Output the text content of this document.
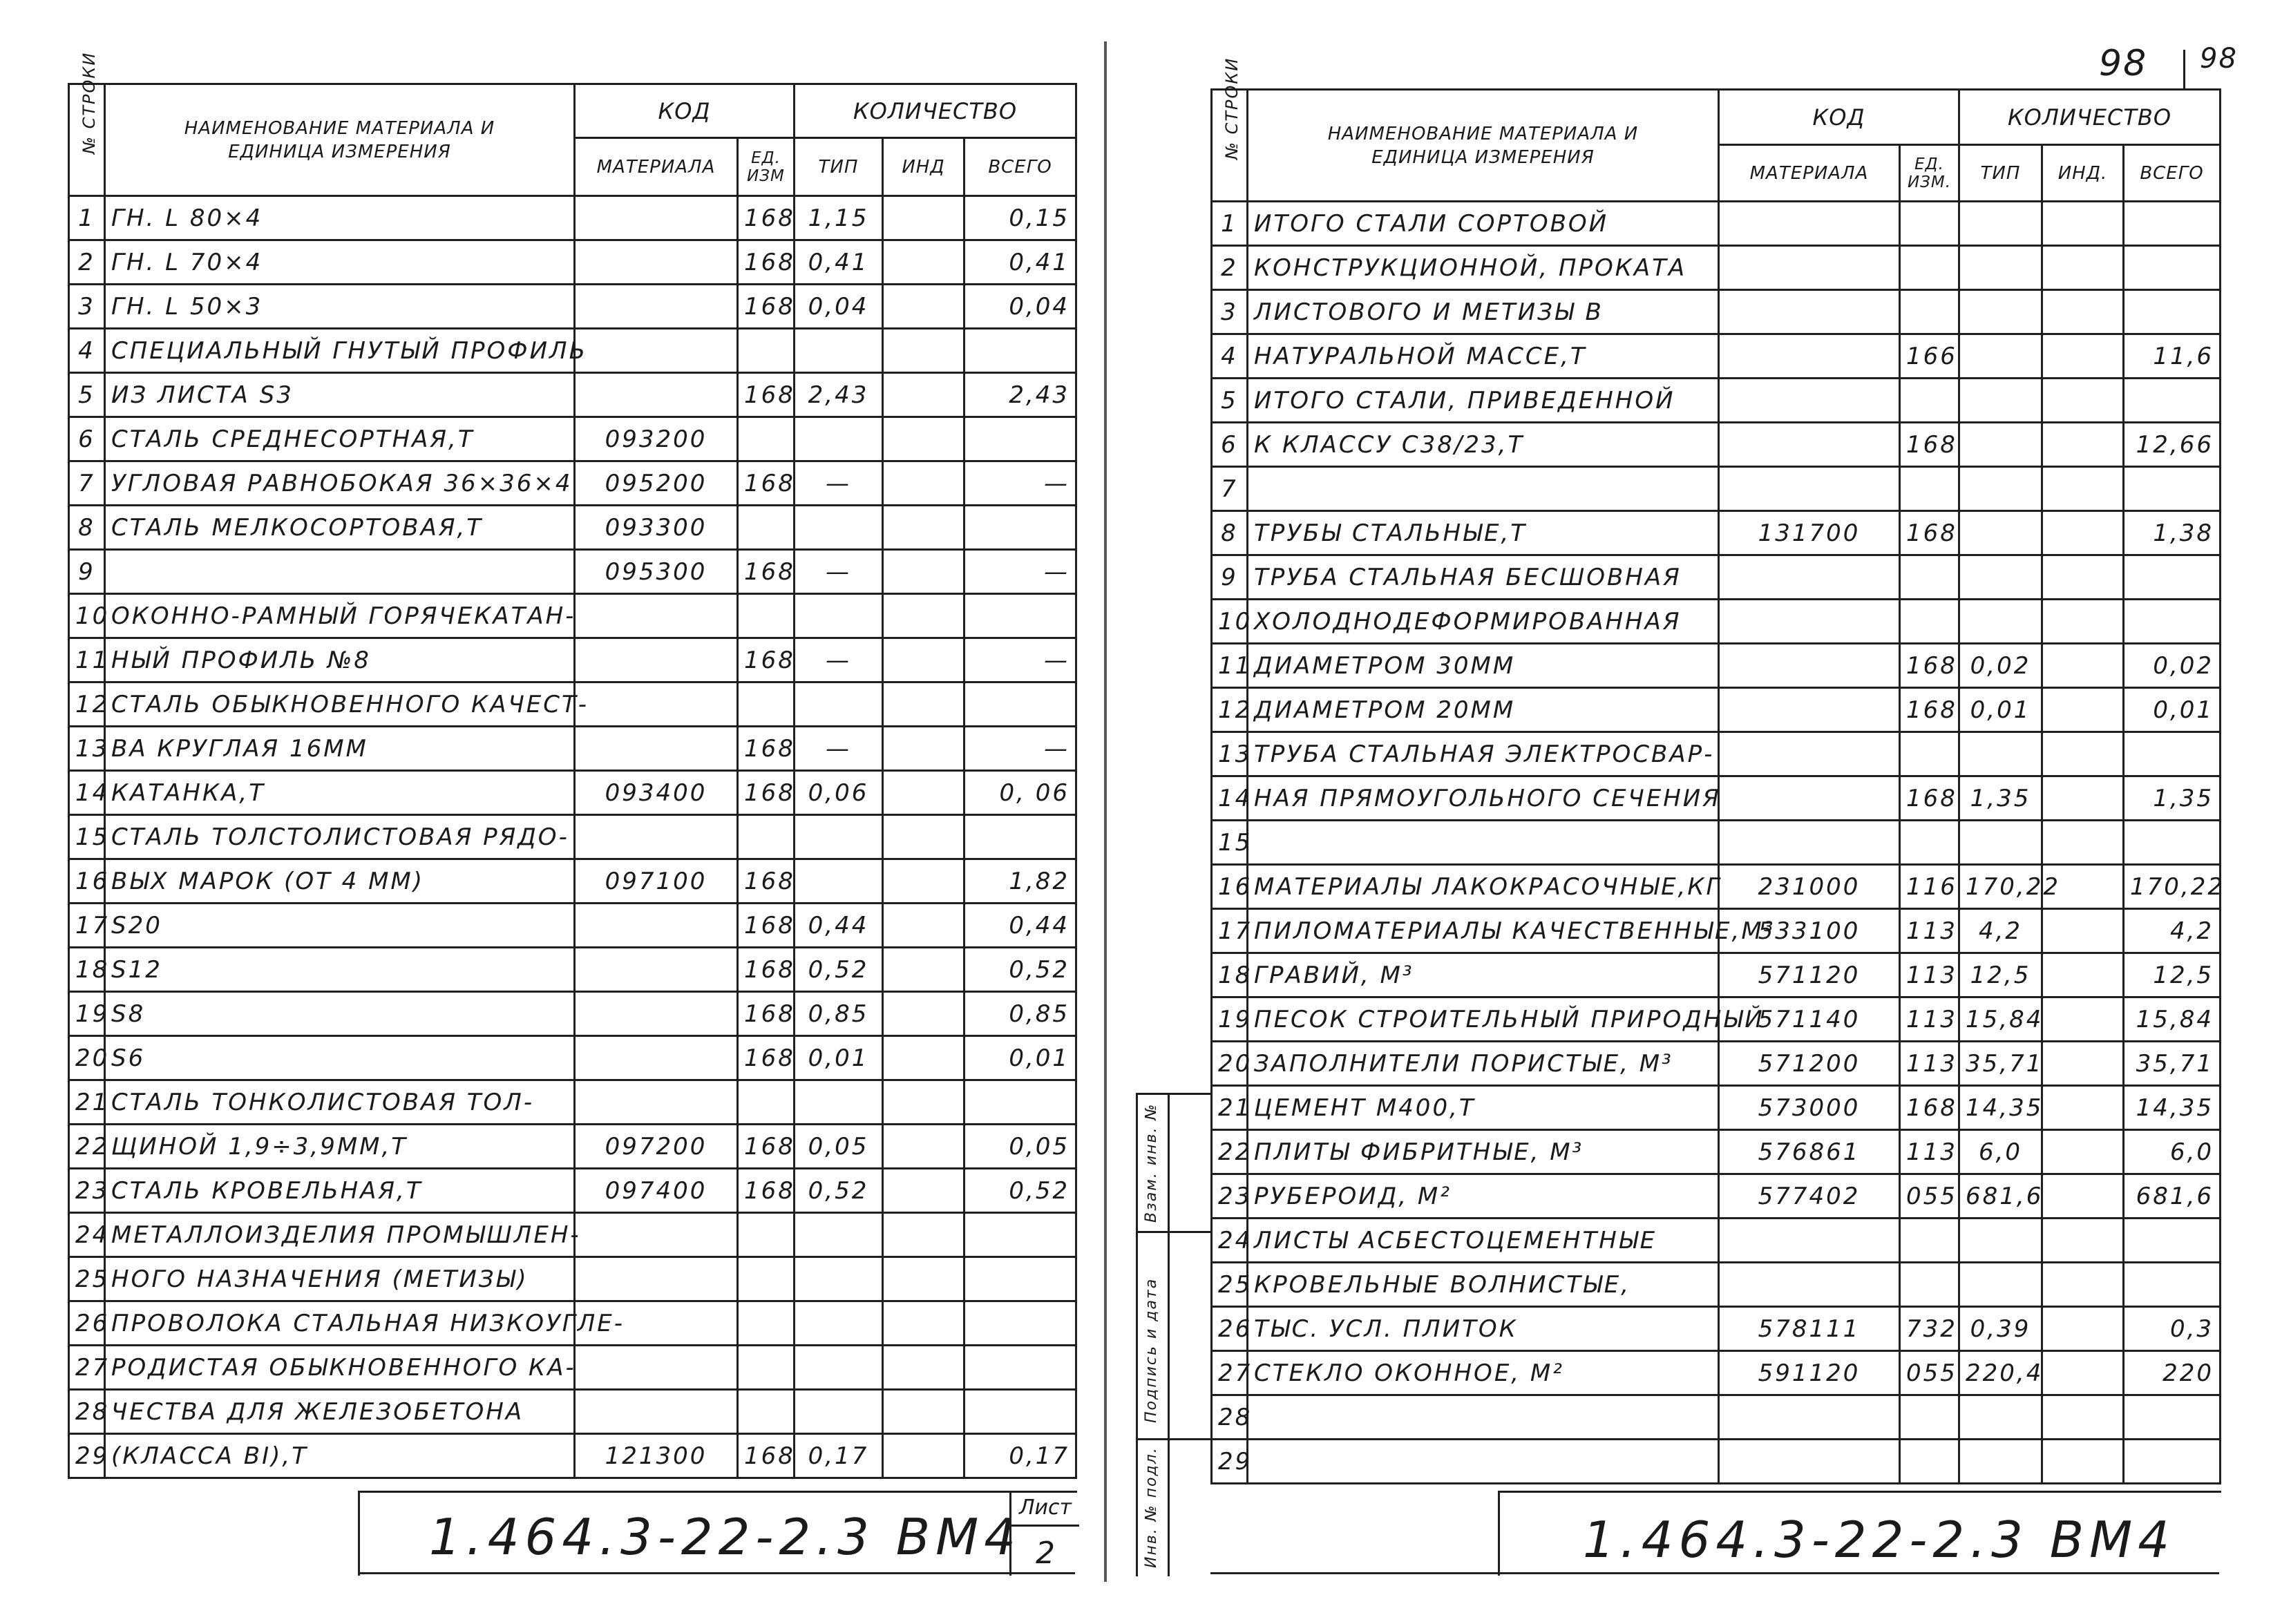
№ СТРОКИ	НАИМЕНОВАНИЕ МАТЕРИАЛА И ЕДИНИЦА ИЗМЕРЕНИЯ	КОД		КОЛИЧЕСТВО		
		МАТЕРИАЛА	ЕД. ИЗМ	ТИП	ИНД	ВСЕГО
1	ГН. L 80×4		168	1,15		0,15
2	ГН. L 70×4		168	0,41		0,41
3	ГН. L 50×3		168	0,04		0,04
4	СПЕЦИАЛЬНЫЙ ГНУТЫЙ ПРОФИЛЬ					
5	ИЗ ЛИСТА S3		168	2,43		2,43
6	СТАЛЬ СРЕДНЕСОРТНАЯ,Т	093200				
7	УГЛОВАЯ РАВНОБОКАЯ 36×36×4	095200	168	—		—
8	СТАЛЬ МЕЛКОСОРТОВАЯ,Т	093300				
9		095300	168	—		—
10	ОКОННО-РАМНЫЙ ГОРЯЧЕКАТАН-					
11	НЫЙ ПРОФИЛЬ №8		168	—		—
12	СТАЛЬ ОБЫКНОВЕННОГО КАЧЕСТ-					
13	ВА КРУГЛАЯ 16ММ		168	—		—
14	КАТАНКА,Т	093400	168	0,06		0, 06
15	СТАЛЬ ТОЛСТОЛИСТОВАЯ РЯДО-					
16	ВЫХ МАРОК (ОТ 4 ММ)	097100	168			1,82
17	S20		168	0,44		0,44
18	S12		168	0,52		0,52
19	S8		168	0,85		0,85
20	S6		168	0,01		0,01
21	СТАЛЬ ТОНКОЛИСТОВАЯ ТОЛ-					
22	ЩИНОЙ 1,9÷3,9ММ,Т	097200	168	0,05		0,05
23	СТАЛЬ КРОВЕЛЬНАЯ,Т	097400	168	0,52		0,52
24	МЕТАЛЛОИЗДЕЛИЯ ПРОМЫШЛЕН-					
25	НОГО НАЗНАЧЕНИЯ (МЕТИЗЫ)					
26	ПРОВОЛОКА СТАЛЬНАЯ НИЗКОУГЛЕ-					
27	РОДИСТАЯ ОБЫКНОВЕННОГО КА-					
28	ЧЕСТВА ДЛЯ ЖЕЛЕЗОБЕТОНА					
29	(КЛАССА BI),Т	121300	168	0,17		0,17
1.464.3-22-2.3 ВМ4
Лист
2
98 98
№ СТРОКИ	НАИМЕНОВАНИЕ МАТЕРИАЛА И ЕДИНИЦА ИЗМЕРЕНИЯ	КОД		КОЛИЧЕСТВО		
		МАТЕРИАЛА	ЕД. ИЗМ.	ТИП	ИНД.	ВСЕГО
1	ИТОГО СТАЛИ СОРТОВОЙ					
2	КОНСТРУКЦИОННОЙ, ПРОКАТА					
3	ЛИСТОВОГО И МЕТИЗЫ В					
4	НАТУРАЛЬНОЙ МАССЕ,Т		166			11,6
5	ИТОГО СТАЛИ, ПРИВЕДЕННОЙ					
6	К КЛАССУ С38/23,Т		168			12,66
7						
8	ТРУБЫ СТАЛЬНЫЕ,Т	131700	168			1,38
9	ТРУБА СТАЛЬНАЯ БЕСШОВНАЯ					
10	ХОЛОДНОДЕФОРМИРОВАННАЯ					
11	ДИАМЕТРОМ 30ММ		168	0,02		0,02
12	ДИАМЕТРОМ 20ММ		168	0,01		0,01
13	ТРУБА СТАЛЬНАЯ ЭЛЕКТРОСВАР-					
14	НАЯ ПРЯМОУГОЛЬНОГО СЕЧЕНИЯ		168	1,35		1,35
15						
16	МАТЕРИАЛЫ ЛАКОКРАСОЧНЫЕ,КГ	231000	116	170,22		170,22
17	ПИЛОМАТЕРИАЛЫ КАЧЕСТВЕННЫЕ,М³	533100	113	4,2		4,2
18	ГРАВИЙ, М³	571120	113	12,5		12,5
19	ПЕСОК СТРОИТЕЛЬНЫЙ ПРИРОДНЫЙ	571140	113	15,84		15,84
20	ЗАПОЛНИТЕЛИ ПОРИСТЫЕ, М³	571200	113	35,71		35,71
21	ЦЕМЕНТ М400,Т	573000	168	14,35		14,35
22	ПЛИТЫ ФИБРИТНЫЕ, М³	576861	113	6,0		6,0
23	РУБЕРОИД, М²	577402	055	681,6		681,6
24	ЛИСТЫ АСБЕСТОЦЕМЕНТНЫЕ					
25	КРОВЕЛЬНЫЕ ВОЛНИСТЫЕ,					
26	ТЫС. УСЛ. ПЛИТОК	578111	732	0,39		0,3
27	СТЕКЛО ОКОННОЕ, М²	591120	055	220,4		220
28						
29						
Инв. № подл.
Подпись и дата
Взам. инв. №
1.464.3-22-2.3 ВМ4
